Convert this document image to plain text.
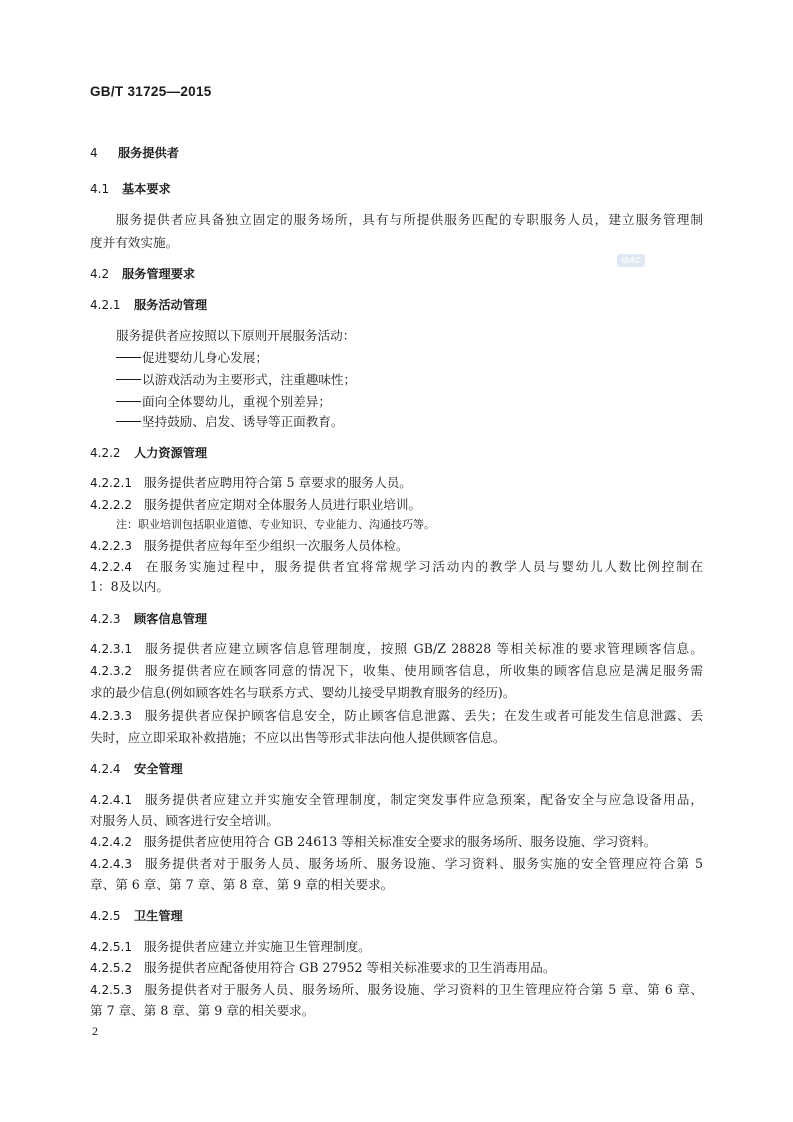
GB/T 31725—2015
4 服务提供者
4.1 基本要求
服务提供者应具备独立固定的服务场所，具有与所提供服务匹配的专职服务人员，建立服务管理制
度并有效实施。
4.2 服务管理要求
ISAC
4.2.1 服务活动管理
服务提供者应按照以下原则开展服务活动：
促进婴幼儿身心发展；
以游戏活动为主要形式，注重趣味性；
面向全体婴幼儿，重视个别差异；
坚持鼓励、启发、诱导等正面教育。
4.2.2 人力资源管理
4.2.2.1 服务提供者应聘用符合第 5 章要求的服务人员。
4.2.2.2 服务提供者应定期对全体服务人员进行职业培训。
注：职业培训包括职业道德、专业知识、专业能力、沟通技巧等。
4.2.2.3 服务提供者应每年至少组织一次服务人员体检。
4.2.2.4 在服务实施过程中，服务提供者宜将常规学习活动内的教学人员与婴幼儿人数比例控制在
1：8及以内。
4.2.3 顾客信息管理
4.2.3.1 服务提供者应建立顾客信息管理制度，按照 GB/Z 28828 等相关标准的要求管理顾客信息。
4.2.3.2 服务提供者应在顾客同意的情况下，收集、使用顾客信息，所收集的顾客信息应是满足服务需
求的最少信息(例如顾客姓名与联系方式、婴幼儿接受早期教育服务的经历)。
4.2.3.3 服务提供者应保护顾客信息安全，防止顾客信息泄露、丢失；在发生或者可能发生信息泄露、丢
失时，应立即采取补救措施；不应以出售等形式非法向他人提供顾客信息。
4.2.4 安全管理
4.2.4.1 服务提供者应建立并实施安全管理制度，制定突发事件应急预案，配备安全与应急设备用品，
对服务人员、顾客进行安全培训。
4.2.4.2 服务提供者应使用符合 GB 24613 等相关标准安全要求的服务场所、服务设施、学习资料。
4.2.4.3 服务提供者对于服务人员、服务场所、服务设施、学习资料、服务实施的安全管理应符合第 5
章、第 6 章、第 7 章、第 8 章、第 9 章的相关要求。
4.2.5 卫生管理
4.2.5.1 服务提供者应建立并实施卫生管理制度。
4.2.5.2 服务提供者应配备使用符合 GB 27952 等相关标准要求的卫生消毒用品。
4.2.5.3 服务提供者对于服务人员、服务场所、服务设施、学习资料的卫生管理应符合第 5 章、第 6 章、
第 7 章、第 8 章、第 9 章的相关要求。
2
